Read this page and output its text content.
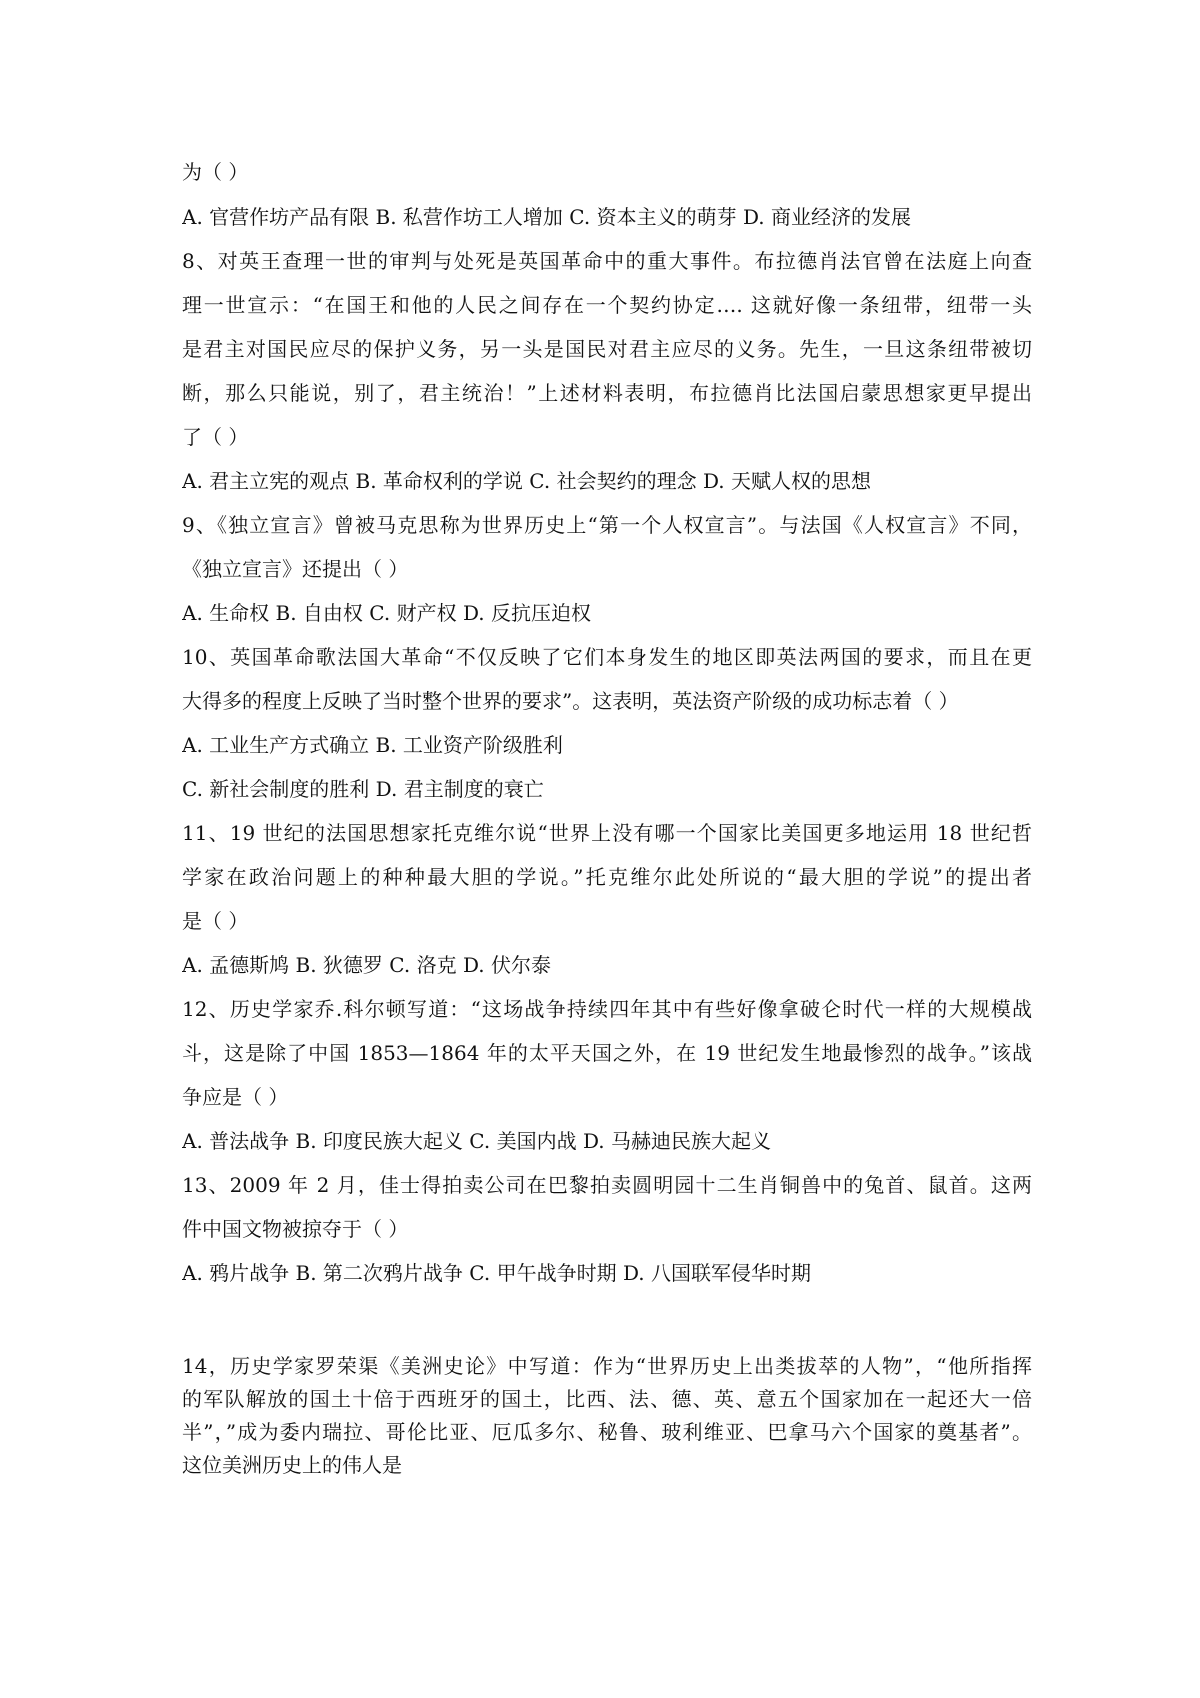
为（ ）
A. 官营作坊产品有限 B. 私营作坊工人增加 C. 资本主义的萌芽 D. 商业经济的发展
8、对英王查理一世的审判与处死是英国革命中的重大事件。布拉德肖法官曾在法庭上向查
理一世宣示：“在国王和他的人民之间存在一个契约协定…. 这就好像一条纽带，纽带一头
是君主对国民应尽的保护义务，另一头是国民对君主应尽的义务。先生，一旦这条纽带被切
断，那么只能说，别了，君主统治！”上述材料表明，布拉德肖比法国启蒙思想家更早提出
了（ ）
A. 君主立宪的观点 B. 革命权利的学说 C. 社会契约的理念 D. 天赋人权的思想
9、《独立宣言》曾被马克思称为世界历史上“第一个人权宣言”。与法国《人权宣言》不同，
《独立宣言》还提出（ ）
A. 生命权 B. 自由权 C. 财产权 D. 反抗压迫权
10、英国革命歌法国大革命“不仅反映了它们本身发生的地区即英法两国的要求，而且在更
大得多的程度上反映了当时整个世界的要求”。这表明，英法资产阶级的成功标志着（ ）
A. 工业生产方式确立 B. 工业资产阶级胜利
C. 新社会制度的胜利 D. 君主制度的衰亡
11、19 世纪的法国思想家托克维尔说“世界上没有哪一个国家比美国更多地运用 18 世纪哲
学家在政治问题上的种种最大胆的学说。”托克维尔此处所说的“最大胆的学说”的提出者
是（ ）
A. 孟德斯鸠 B. 狄德罗 C. 洛克 D. 伏尔泰
12、历史学家乔.科尔顿写道：“这场战争持续四年其中有些好像拿破仑时代一样的大规模战
斗，这是除了中国 1853—1864 年的太平天国之外，在 19 世纪发生地最惨烈的战争。”该战
争应是（ ）
A. 普法战争 B. 印度民族大起义 C. 美国内战 D. 马赫迪民族大起义
13、2009 年 2 月，佳士得拍卖公司在巴黎拍卖圆明园十二生肖铜兽中的兔首、鼠首。这两
件中国文物被掠夺于（ ）
A. 鸦片战争 B. 第二次鸦片战争 C. 甲午战争时期 D. 八国联军侵华时期
14，历史学家罗荣渠《美洲史论》中写道：作为“世界历史上出类拔萃的人物”，“他所指挥
的军队解放的国土十倍于西班牙的国土，比西、法、德、英、意五个国家加在一起还大一倍
半”，”成为委内瑞拉、哥伦比亚、厄瓜多尔、秘鲁、玻利维亚、巴拿马六个国家的奠基者”。
这位美洲历史上的伟人是
